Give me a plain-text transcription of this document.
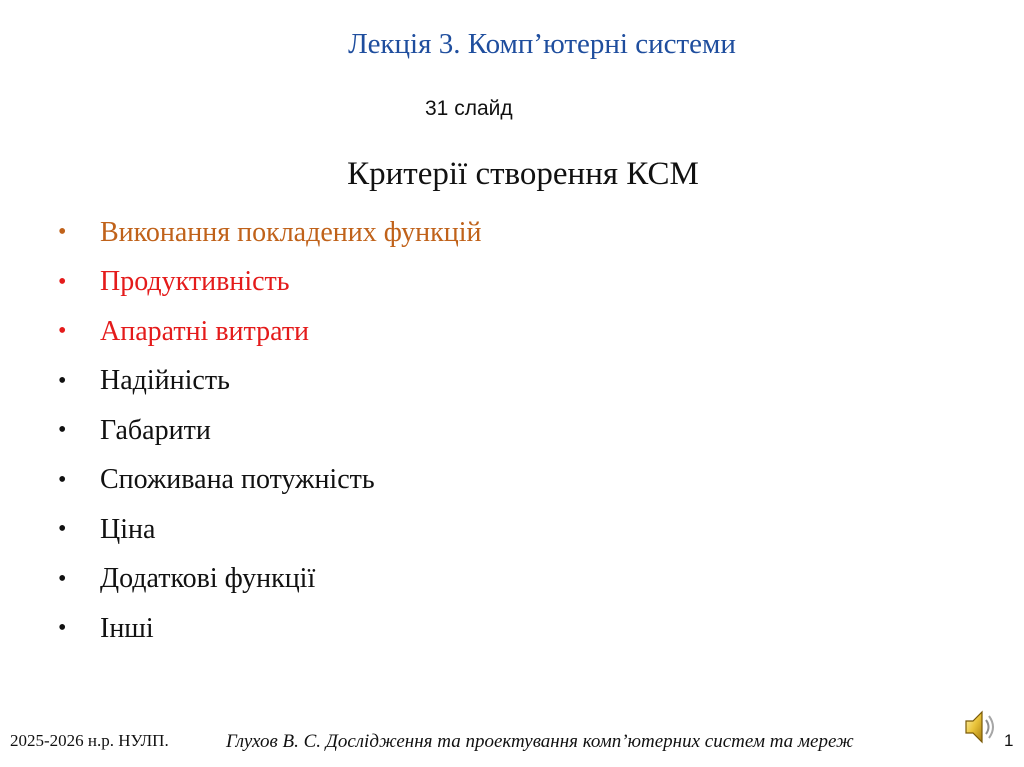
Лекція 3. Комп’ютерні системи
31 слайд
Критерії створення КСМ
•	Виконання покладених функцій
•	Продуктивність
•	Апаратні витрати
•	Надійність
•	Габарити
•	Споживана потужність
•	Ціна
•	Додаткові функції
•	Інші
2025-2026 н.р. НУЛП.	Глухов В. С. Дослідження та проектування комп’ютерних систем та мереж	1
